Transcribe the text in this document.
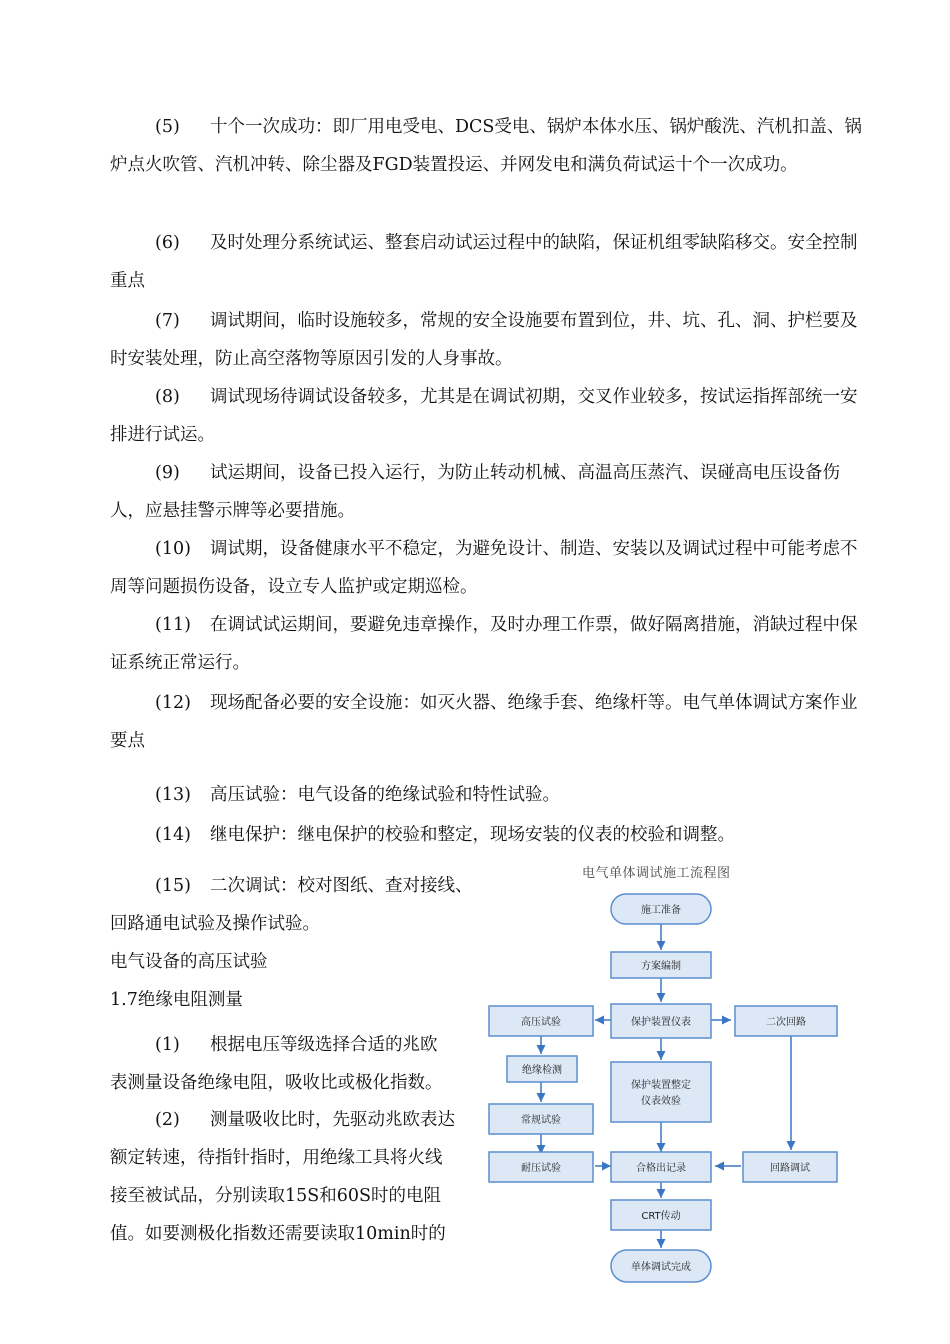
(5) 十个一次成功：即厂用电受电、DCS受电、锅炉本体水压、锅炉酸洗、汽机扣盖、锅炉点火吹管、汽机冲转、除尘器及FGD装置投运、并网发电和满负荷试运十个一次成功。

(6) 及时处理分系统试运、整套启动试运过程中的缺陷，保证机组零缺陷移交。安全控制重点

(7) 调试期间，临时设施较多，常规的安全设施要布置到位，井、坑、孔、洞、护栏要及时安装处理，防止高空落物等原因引发的人身事故。

(8) 调试现场待调试设备较多，尤其是在调试初期，交叉作业较多，按试运指挥部统一安排进行试运。

(9) 试运期间，设备已投入运行，为防止转动机械、高温高压蒸汽、误碰高电压设备伤人，应悬挂警示牌等必要措施。

(10) 调试期，设备健康水平不稳定，为避免设计、制造、安装以及调试过程中可能考虑不周等问题损伤设备，设立专人监护或定期巡检。

(11) 在调试试运期间，要避免违章操作，及时办理工作票，做好隔离措施，消缺过程中保证系统正常运行。

(12) 现场配备必要的安全设施：如灭火器、绝缘手套、绝缘杆等。电气单体调试方案作业要点

(13) 高压试验：电气设备的绝缘试验和特性试验。

(14) 继电保护：继电保护的校验和整定，现场安装的仪表的校验和调整。

(15) 二次调试：校对图纸、查对接线、

回路通电试验及操作试验。

电气设备的高压试验

1.7绝缘电阻测量

(1) 根据电压等级选择合适的兆欧

表测量设备绝缘电阻，吸收比或极化指数。

(2) 测量吸收比时，先驱动兆欧表达

额定转速，待指针指时，用绝缘工具将火线

接至被试品，分别读取15S和60S时的电阻

值。如要测极化指数还需要读取10min时的

电气单体调试施工流程图
施工准备
方案编制
保护装置仪表
高压试验	二次回路
绝缘检测
常规试验
保护装置整定
仪表效验
耐压试验	合格出记录	回路调试
CRT传动
单体调试完成
